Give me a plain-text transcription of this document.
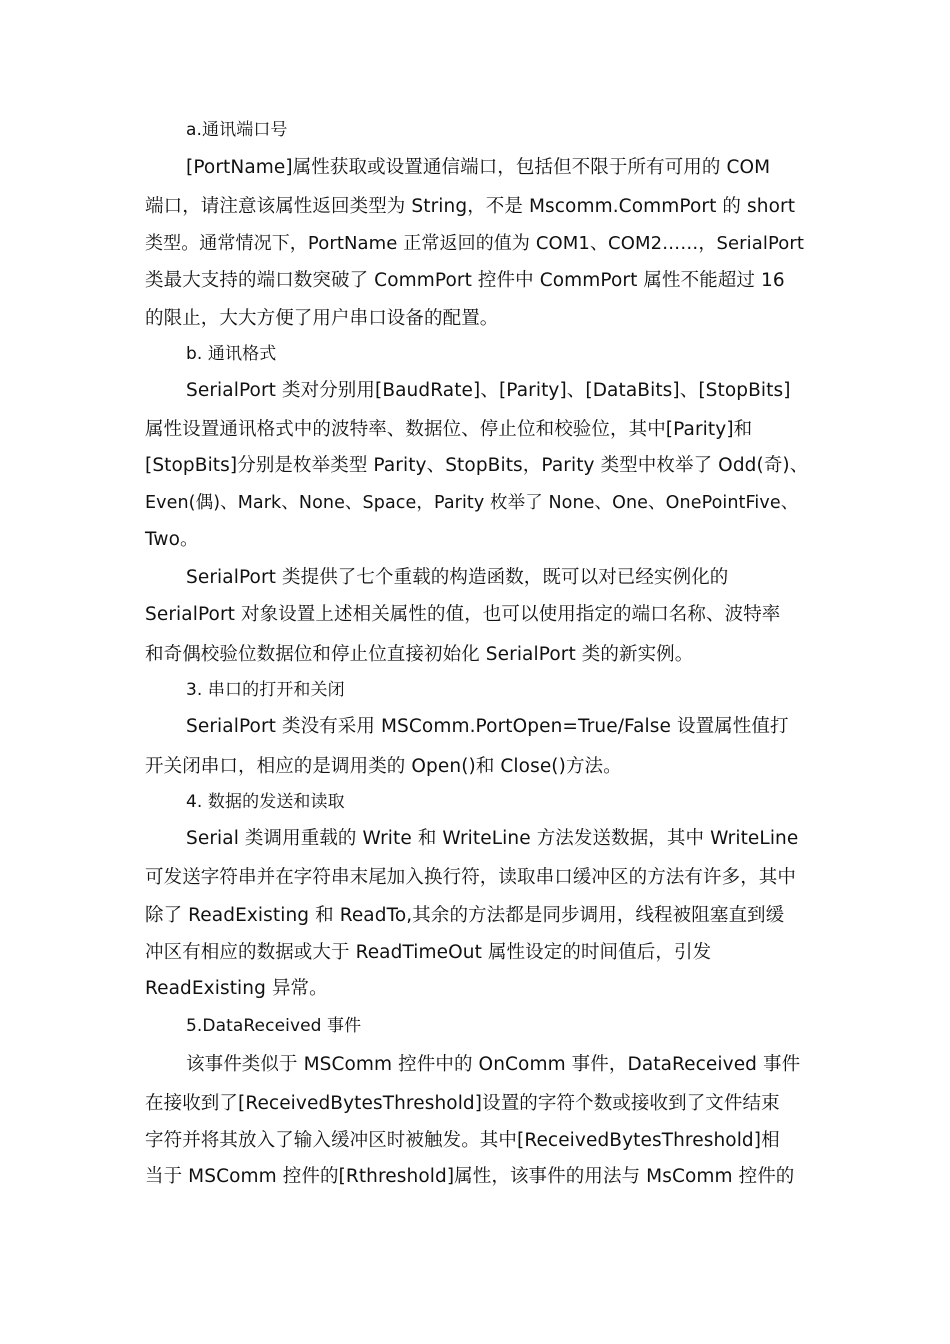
a.通讯端口号
[PortName]属性获取或设置通信端口，包括但不限于所有可用的 COM
端口，请注意该属性返回类型为 String，不是 Mscomm.CommPort 的 short
类型。通常情况下，PortName 正常返回的值为 COM1、COM2……，SerialPort
类最大支持的端口数突破了 CommPort 控件中 CommPort 属性不能超过 16
的限止，大大方便了用户串口设备的配置。
b. 通讯格式
SerialPort 类对分别用[BaudRate]、[Parity]、[DataBits]、[StopBits]
属性设置通讯格式中的波特率、数据位、停止位和校验位，其中[Parity]和
[StopBits]分别是枚举类型 Parity、StopBits，Parity 类型中枚举了 Odd(奇)、
Even(偶)、Mark、None、Space，Parity 枚举了 None、One、OnePointFive、
Two。
SerialPort 类提供了七个重载的构造函数，既可以对已经实例化的
SerialPort 对象设置上述相关属性的值，也可以使用指定的端口名称、波特率
和奇偶校验位数据位和停止位直接初始化 SerialPort 类的新实例。
3. 串口的打开和关闭
SerialPort 类没有采用 MSComm.PortOpen=True/False 设置属性值打
开关闭串口，相应的是调用类的 Open()和 Close()方法。
4. 数据的发送和读取
Serial 类调用重载的 Write 和 WriteLine 方法发送数据，其中 WriteLine
可发送字符串并在字符串末尾加入换行符，读取串口缓冲区的方法有许多，其中
除了 ReadExisting 和 ReadTo,其余的方法都是同步调用，线程被阻塞直到缓
冲区有相应的数据或大于 ReadTimeOut 属性设定的时间值后，引发
ReadExisting 异常。
5.DataReceived 事件
该事件类似于 MSComm 控件中的 OnComm 事件，DataReceived 事件
在接收到了[ReceivedBytesThreshold]设置的字符个数或接收到了文件结束
字符并将其放入了输入缓冲区时被触发。其中[ReceivedBytesThreshold]相
当于 MSComm 控件的[Rthreshold]属性，该事件的用法与 MsComm 控件的
